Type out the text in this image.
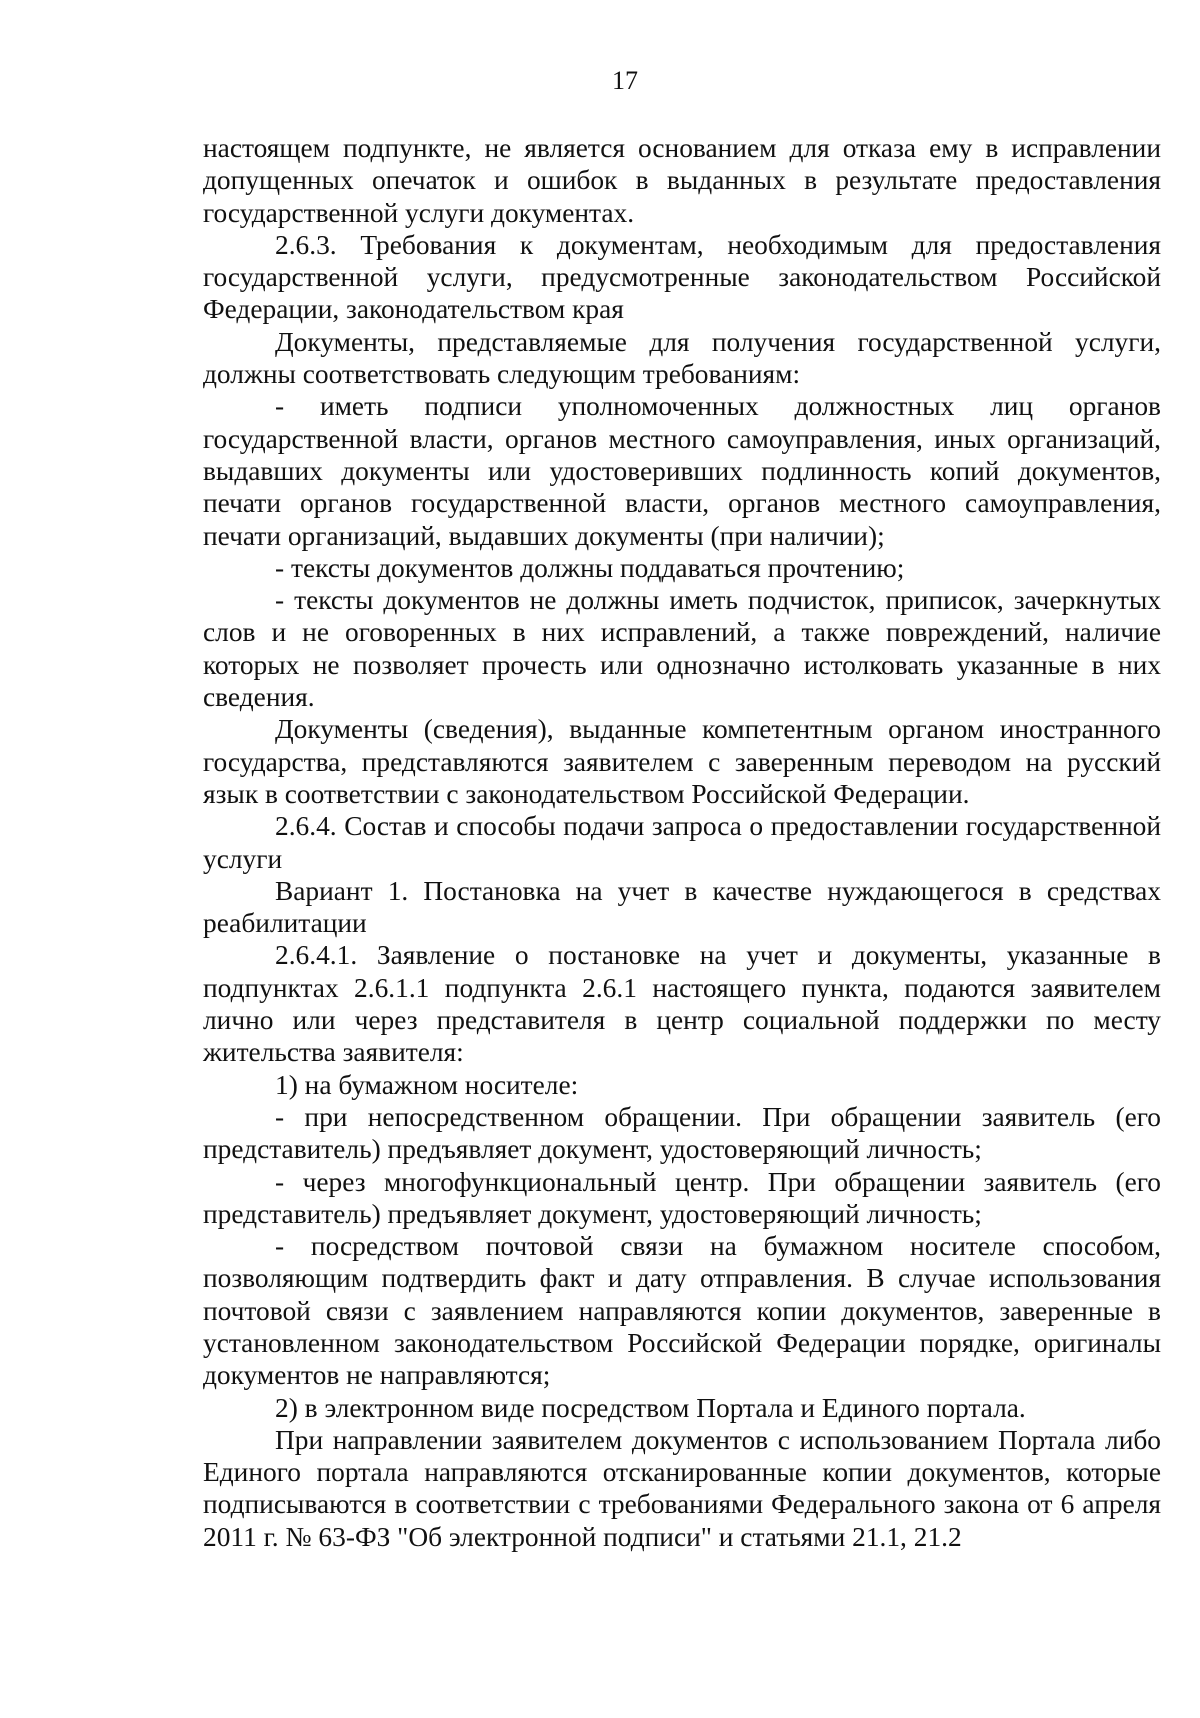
17

настоящем подпункте, не является основанием для отказа ему в исправлении допущенных опечаток и ошибок в выданных в результате предоставления государственной услуги документах.

2.6.3. Требования к документам, необходимым для предоставления государственной услуги, предусмотренные законодательством Российской Федерации, законодательством края

Документы, представляемые для получения государственной услуги, должны соответствовать следующим требованиям:

- иметь подписи уполномоченных должностных лиц органов государственной власти, органов местного самоуправления, иных организаций, выдавших документы или удостоверивших подлинность копий документов, печати органов государственной власти, органов местного самоуправления, печати организаций, выдавших документы (при наличии);

- тексты документов должны поддаваться прочтению;

- тексты документов не должны иметь подчисток, приписок, зачеркнутых слов и не оговоренных в них исправлений, а также повреждений, наличие которых не позволяет прочесть или однозначно истолковать указанные в них сведения.

Документы (сведения), выданные компетентным органом иностранного государства, представляются заявителем с заверенным переводом на русский язык в соответствии с законодательством Российской Федерации.

2.6.4. Состав и способы подачи запроса о предоставлении государственной услуги

Вариант 1. Постановка на учет в качестве нуждающегося в средствах реабилитации

2.6.4.1. Заявление о постановке на учет и документы, указанные в подпунктах 2.6.1.1 подпункта 2.6.1 настоящего пункта, подаются заявителем лично или через представителя в центр социальной поддержки по месту жительства заявителя:

1) на бумажном носителе:

- при непосредственном обращении. При обращении заявитель (его представитель) предъявляет документ, удостоверяющий личность;

- через многофункциональный центр. При обращении заявитель (его представитель) предъявляет документ, удостоверяющий личность;

- посредством почтовой связи на бумажном носителе способом, позволяющим подтвердить факт и дату отправления. В случае использования почтовой связи с заявлением направляются копии документов, заверенные в установленном законодательством Российской Федерации порядке, оригиналы документов не направляются;

2) в электронном виде посредством Портала и Единого портала.

При направлении заявителем документов с использованием Портала либо Единого портала направляются отсканированные копии документов, которые подписываются в соответствии с требованиями Федерального закона от 6 апреля 2011 г. № 63-ФЗ "Об электронной подписи" и статьями 21.1, 21.2
